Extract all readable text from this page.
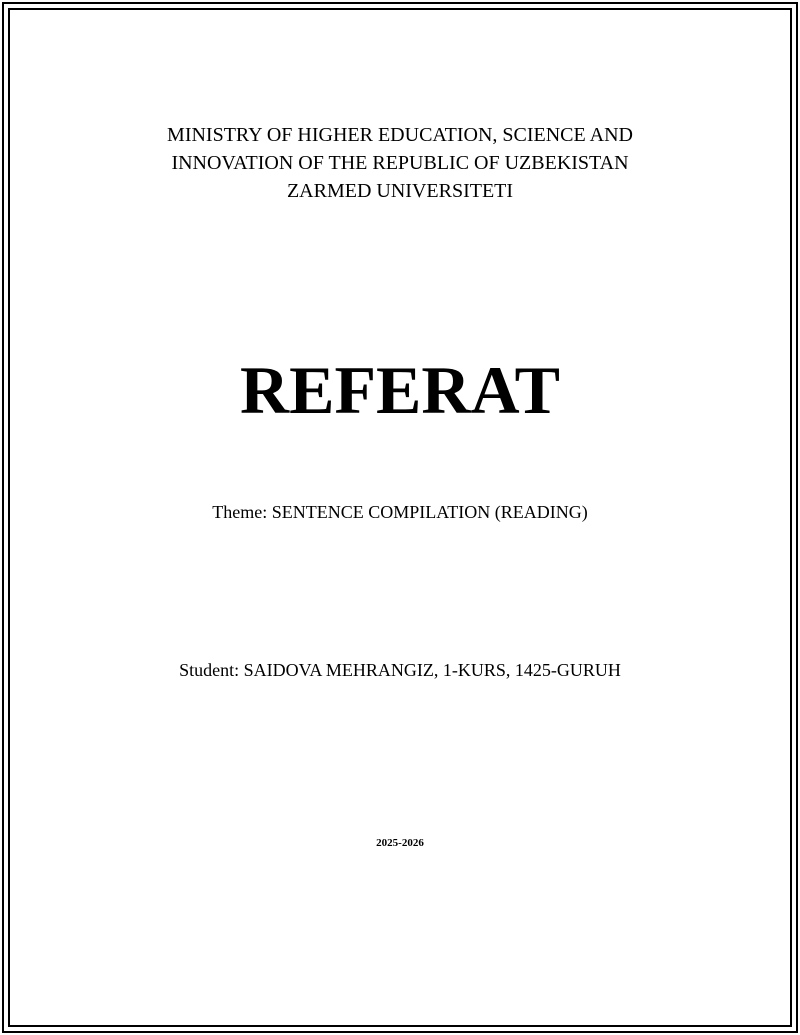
MINISTRY OF HIGHER EDUCATION, SCIENCE AND
INNOVATION OF THE REPUBLIC OF UZBEKISTAN
ZARMED UNIVERSITETI
REFERAT
Theme: SENTENCE COMPILATION (READING)
Student: SAIDOVA MEHRANGIZ, 1-KURS, 1425-GURUH
2025-2026
